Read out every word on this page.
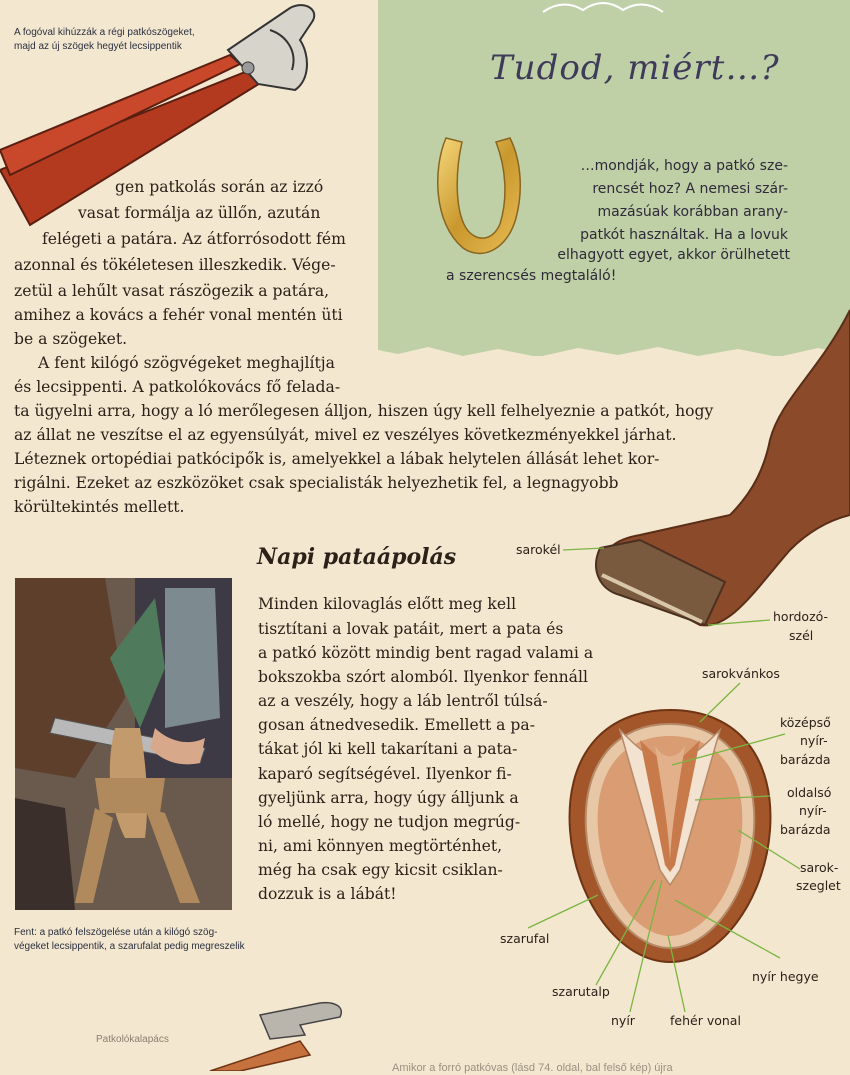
Tudod, miért…?
…mondják, hogy a patkó sze-
rencsét hoz? A nemesi szár-
mazásúak korábban arany-
patkót használtak. Ha a lovuk
elhagyott egyet, akkor örülhetett
a szerencsés megtaláló!
A fogóval kihúzzák a régi patkószögeket,
majd az új szögek hegyét lecsippentik
sarokél
hordozó-
szél
sarokvánkos
középső
nyír-
barázda
oldalsó
nyír-
barázda
sarok-
szeglet
szarufal
nyír hegye
szarutalp
nyír	fehér vonal
gen patkolás során az izzó
vasat formálja az üllőn, azután
felégeti a patára. Az átforrósodott fém
azonnal és tökéletesen illeszkedik. Vége-
zetül a lehűlt vasat rászögezik a patára,
amihez a kovács a fehér vonal mentén üti
be a szögeket.
A fent kilógó szögvégeket meghajlítja
és lecsippenti. A patkolókovács fő felada-
ta ügyelni arra, hogy a ló merőlegesen álljon, hiszen úgy kell felhelyeznie a patkót, hogy
az állat ne veszítse el az egyensúlyát, mivel ez veszélyes következményekkel járhat.
Léteznek ortopédiai patkócipők is, amelyekkel a lábak helytelen állását lehet kor-
rigálni. Ezeket az eszközöket csak specialisták helyezhetik fel, a legnagyobb
körültekintés mellett.
Napi pataápolás
Minden kilovaglás előtt meg kell
tisztítani a lovak patáit, mert a pata és
a patkó között mindig bent ragad valami a
bokszokba szórt alomból. Ilyenkor fennáll
az a veszély, hogy a láb lentről túlsá-
gosan átnedvesedik. Emellett a pa-
tákat jól ki kell takarítani a pata-
kaparó segítségével. Ilyenkor fi-
gyeljünk arra, hogy úgy álljunk a
ló mellé, hogy ne tudjon megrúg-
ni, ami könnyen megtörténhet,
még ha csak egy kicsit csiklan-
dozzuk is a lábát!
Fent: a patkó felszögelése után a kilógó szög-
végeket lecsippentik, a szarufalat pedig megreszelik
Patkolókalapács
Amikor a forró patkóvas (lásd 74. oldal, bal felső kép) újra
